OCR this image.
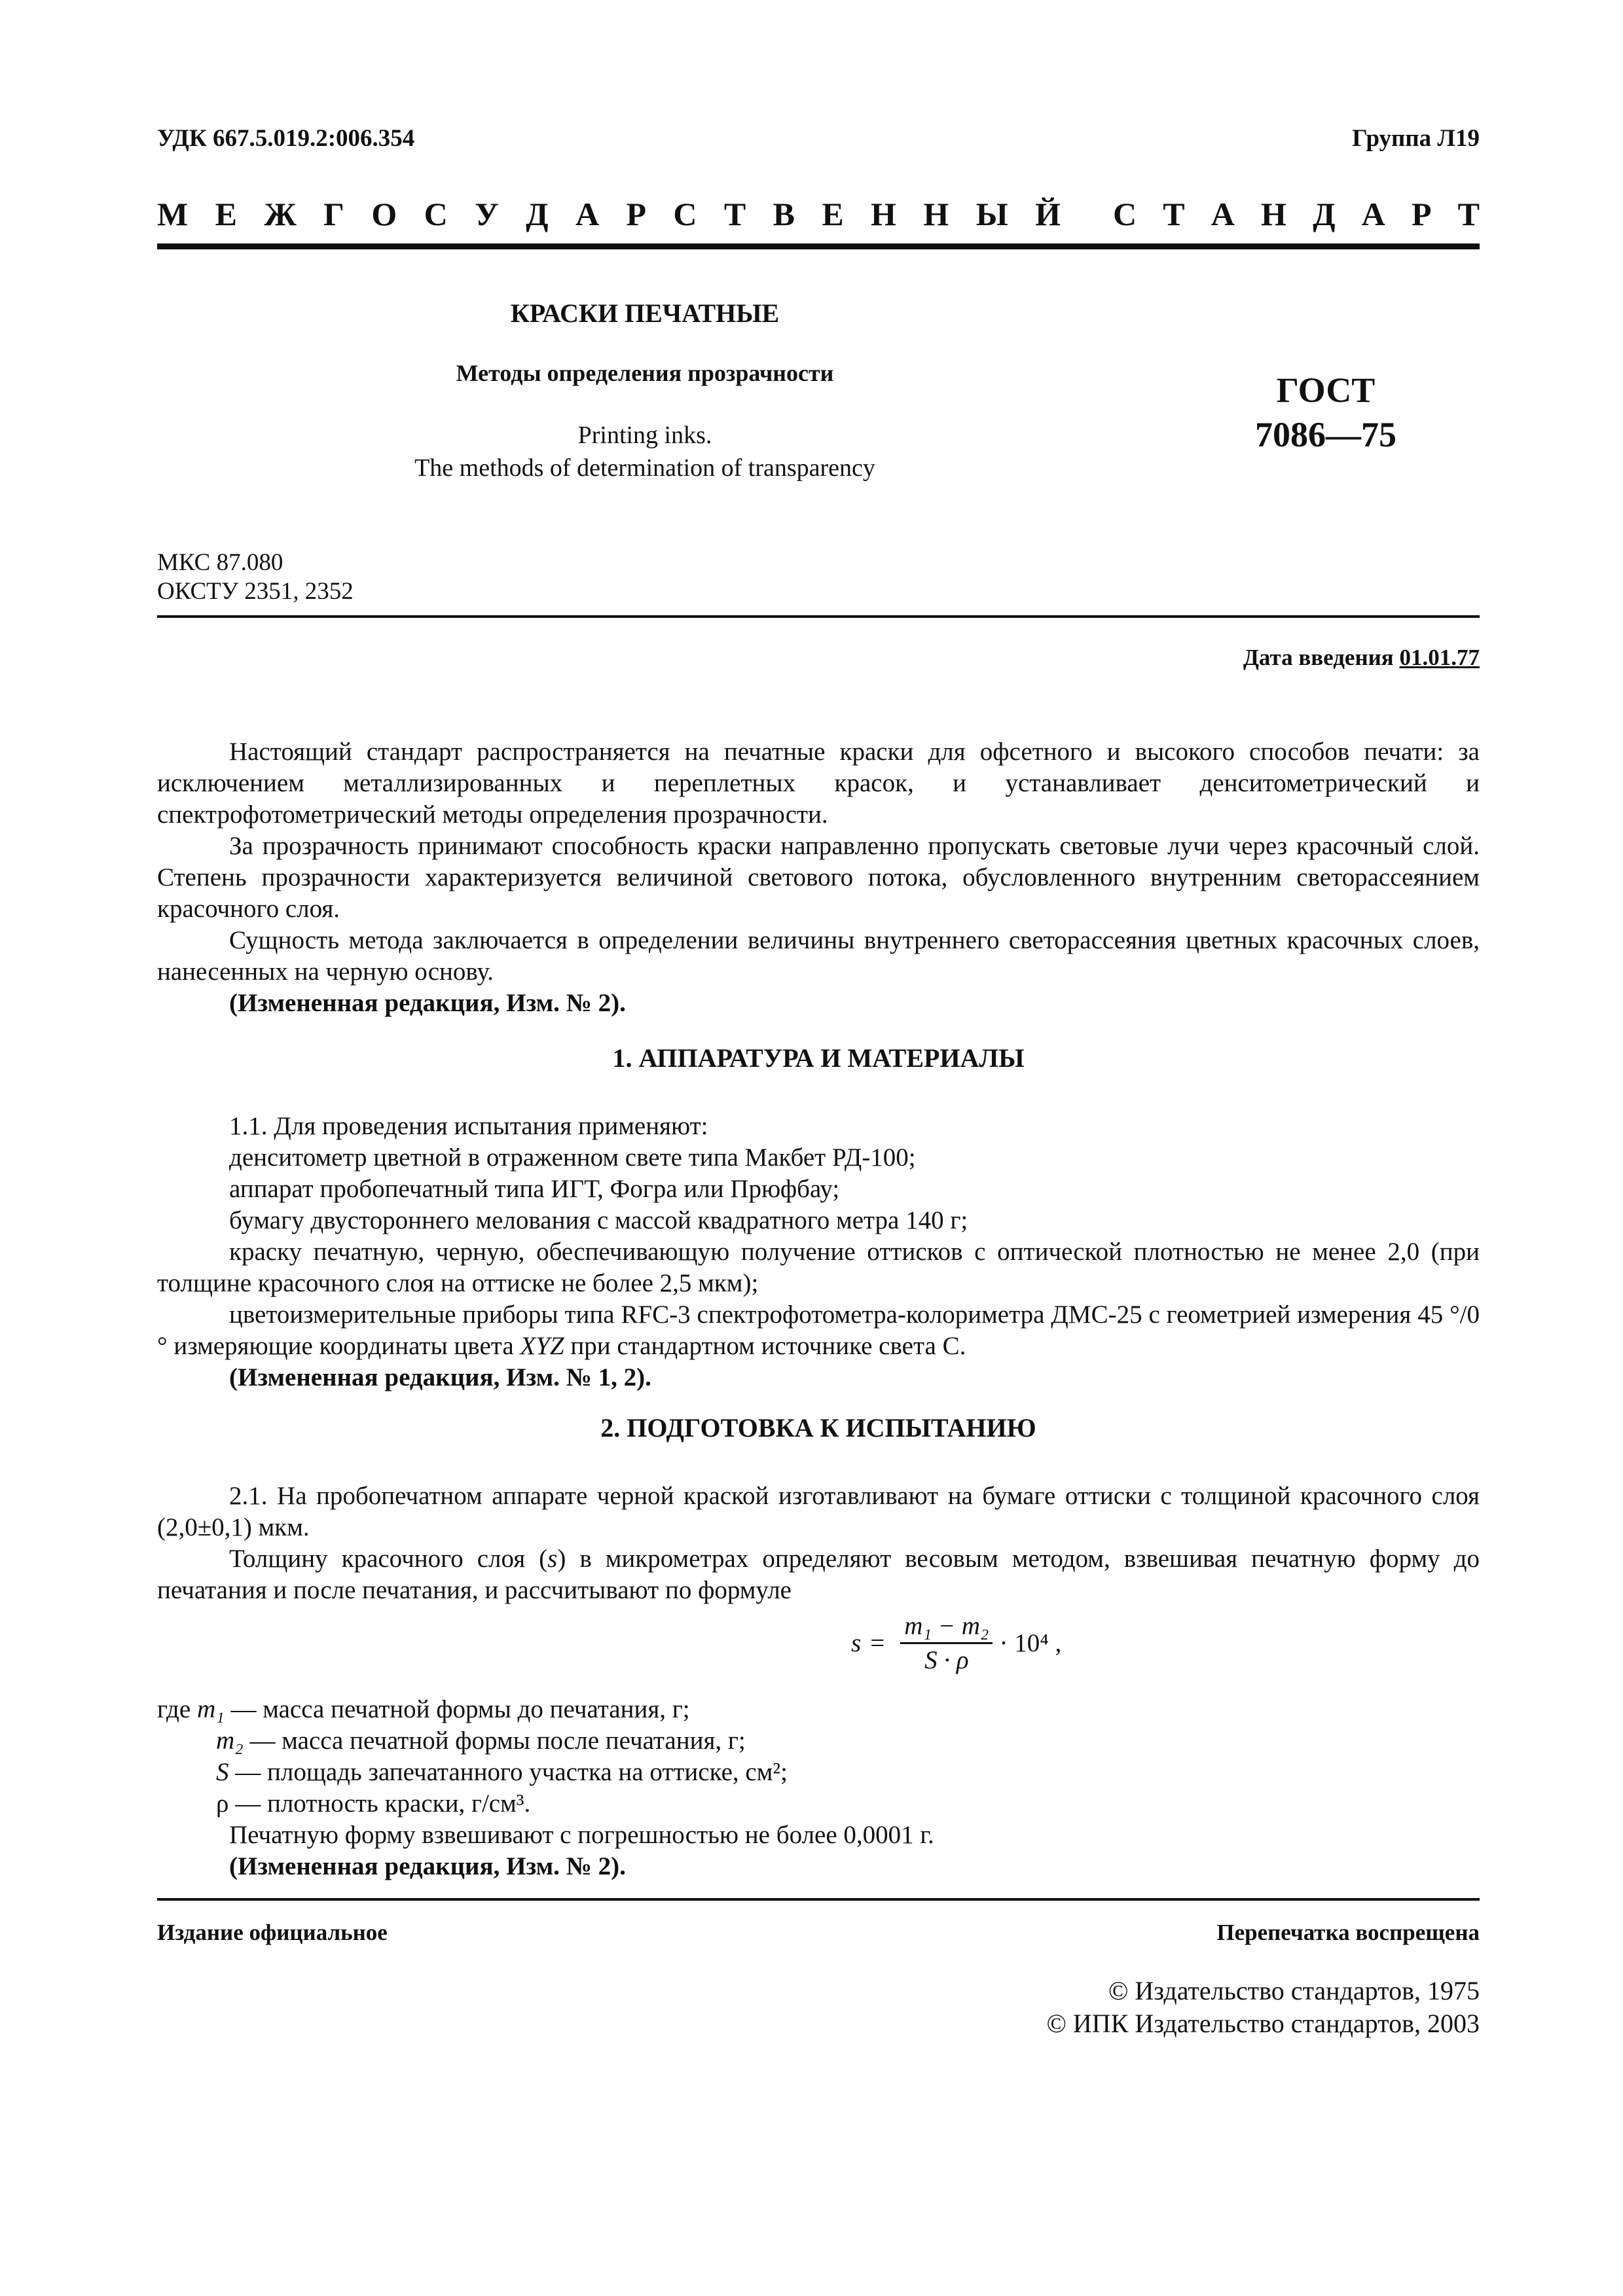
УДК 667.5.019.2:006.354	Группа Л19
М Е Ж Г О С У Д А Р С Т В Е Н Н Ы Й С Т А Н Д А Р Т
КРАСКИ ПЕЧАТНЫЕ
Методы определения прозрачности
Printing inks.
The methods of determination of transparency
ГОСТ
7086—75
МКС 87.080
ОКСТУ 2351, 2352
Дата введения 01.01.77

Настоящий стандарт распространяется на печатные краски для офсетного и высокого способов печати: за исключением металлизированных и переплетных красок, и устанавливает денситометрический и спектрофотометрический методы определения прозрачности.

За прозрачность принимают способность краски направленно пропускать световые лучи через красочный слой. Степень прозрачности характеризуется величиной светового потока, обусловленного внутренним светорассеянием красочного слоя.

Сущность метода заключается в определении величины внутреннего светорассеяния цветных красочных слоев, нанесенных на черную основу.

(Измененная редакция, Изм. № 2).

1. АППАРАТУРА И МАТЕРИАЛЫ

1.1. Для проведения испытания применяют:

денситометр цветной в отраженном свете типа Макбет РД-100;

аппарат пробопечатный типа ИГТ, Фогра или Прюфбау;

бумагу двустороннего мелования с массой квадратного метра 140 г;

краску печатную, черную, обеспечивающую получение оттисков с оптической плотностью не менее 2,0 (при толщине красочного слоя на оттиске не более 2,5 мкм);

цветоизмерительные приборы типа RFC-3 спектрофотометра-колориметра ДМС-25 с геометрией измерения 45 °/0 ° измеряющие координаты цвета XYZ при стандартном источнике света С.

(Измененная редакция, Изм. № 1, 2).

2. ПОДГОТОВКА К ИСПЫТАНИЮ

2.1. На пробопечатном аппарате черной краской изготавливают на бумаге оттиски с толщиной красочного слоя (2,0±0,1) мкм.

Толщину красочного слоя (s) в микрометрах определяют весовым методом, взвешивая печатную форму до печатания и после печатания, и рассчитывают по формуле

$s = \frac{\text{m₁ − m₂}}{S \cdot \rho} \cdot 10^4$ ,
где m₁ — масса печатной формы до печатания, г;
m₂ — масса печатной формы после печатания, г;
S — площадь запечатанного участка на оттиске, см²;
ρ — плотность краски, г/см³.
Печатную форму взвешивают с погрешностью не более 0,0001 г.
(Измененная редакция, Изм. № 2).
Издание официальное	Перепечатка воспрещена
© Издательство стандартов, 1975
© ИПК Издательство стандартов, 2003
